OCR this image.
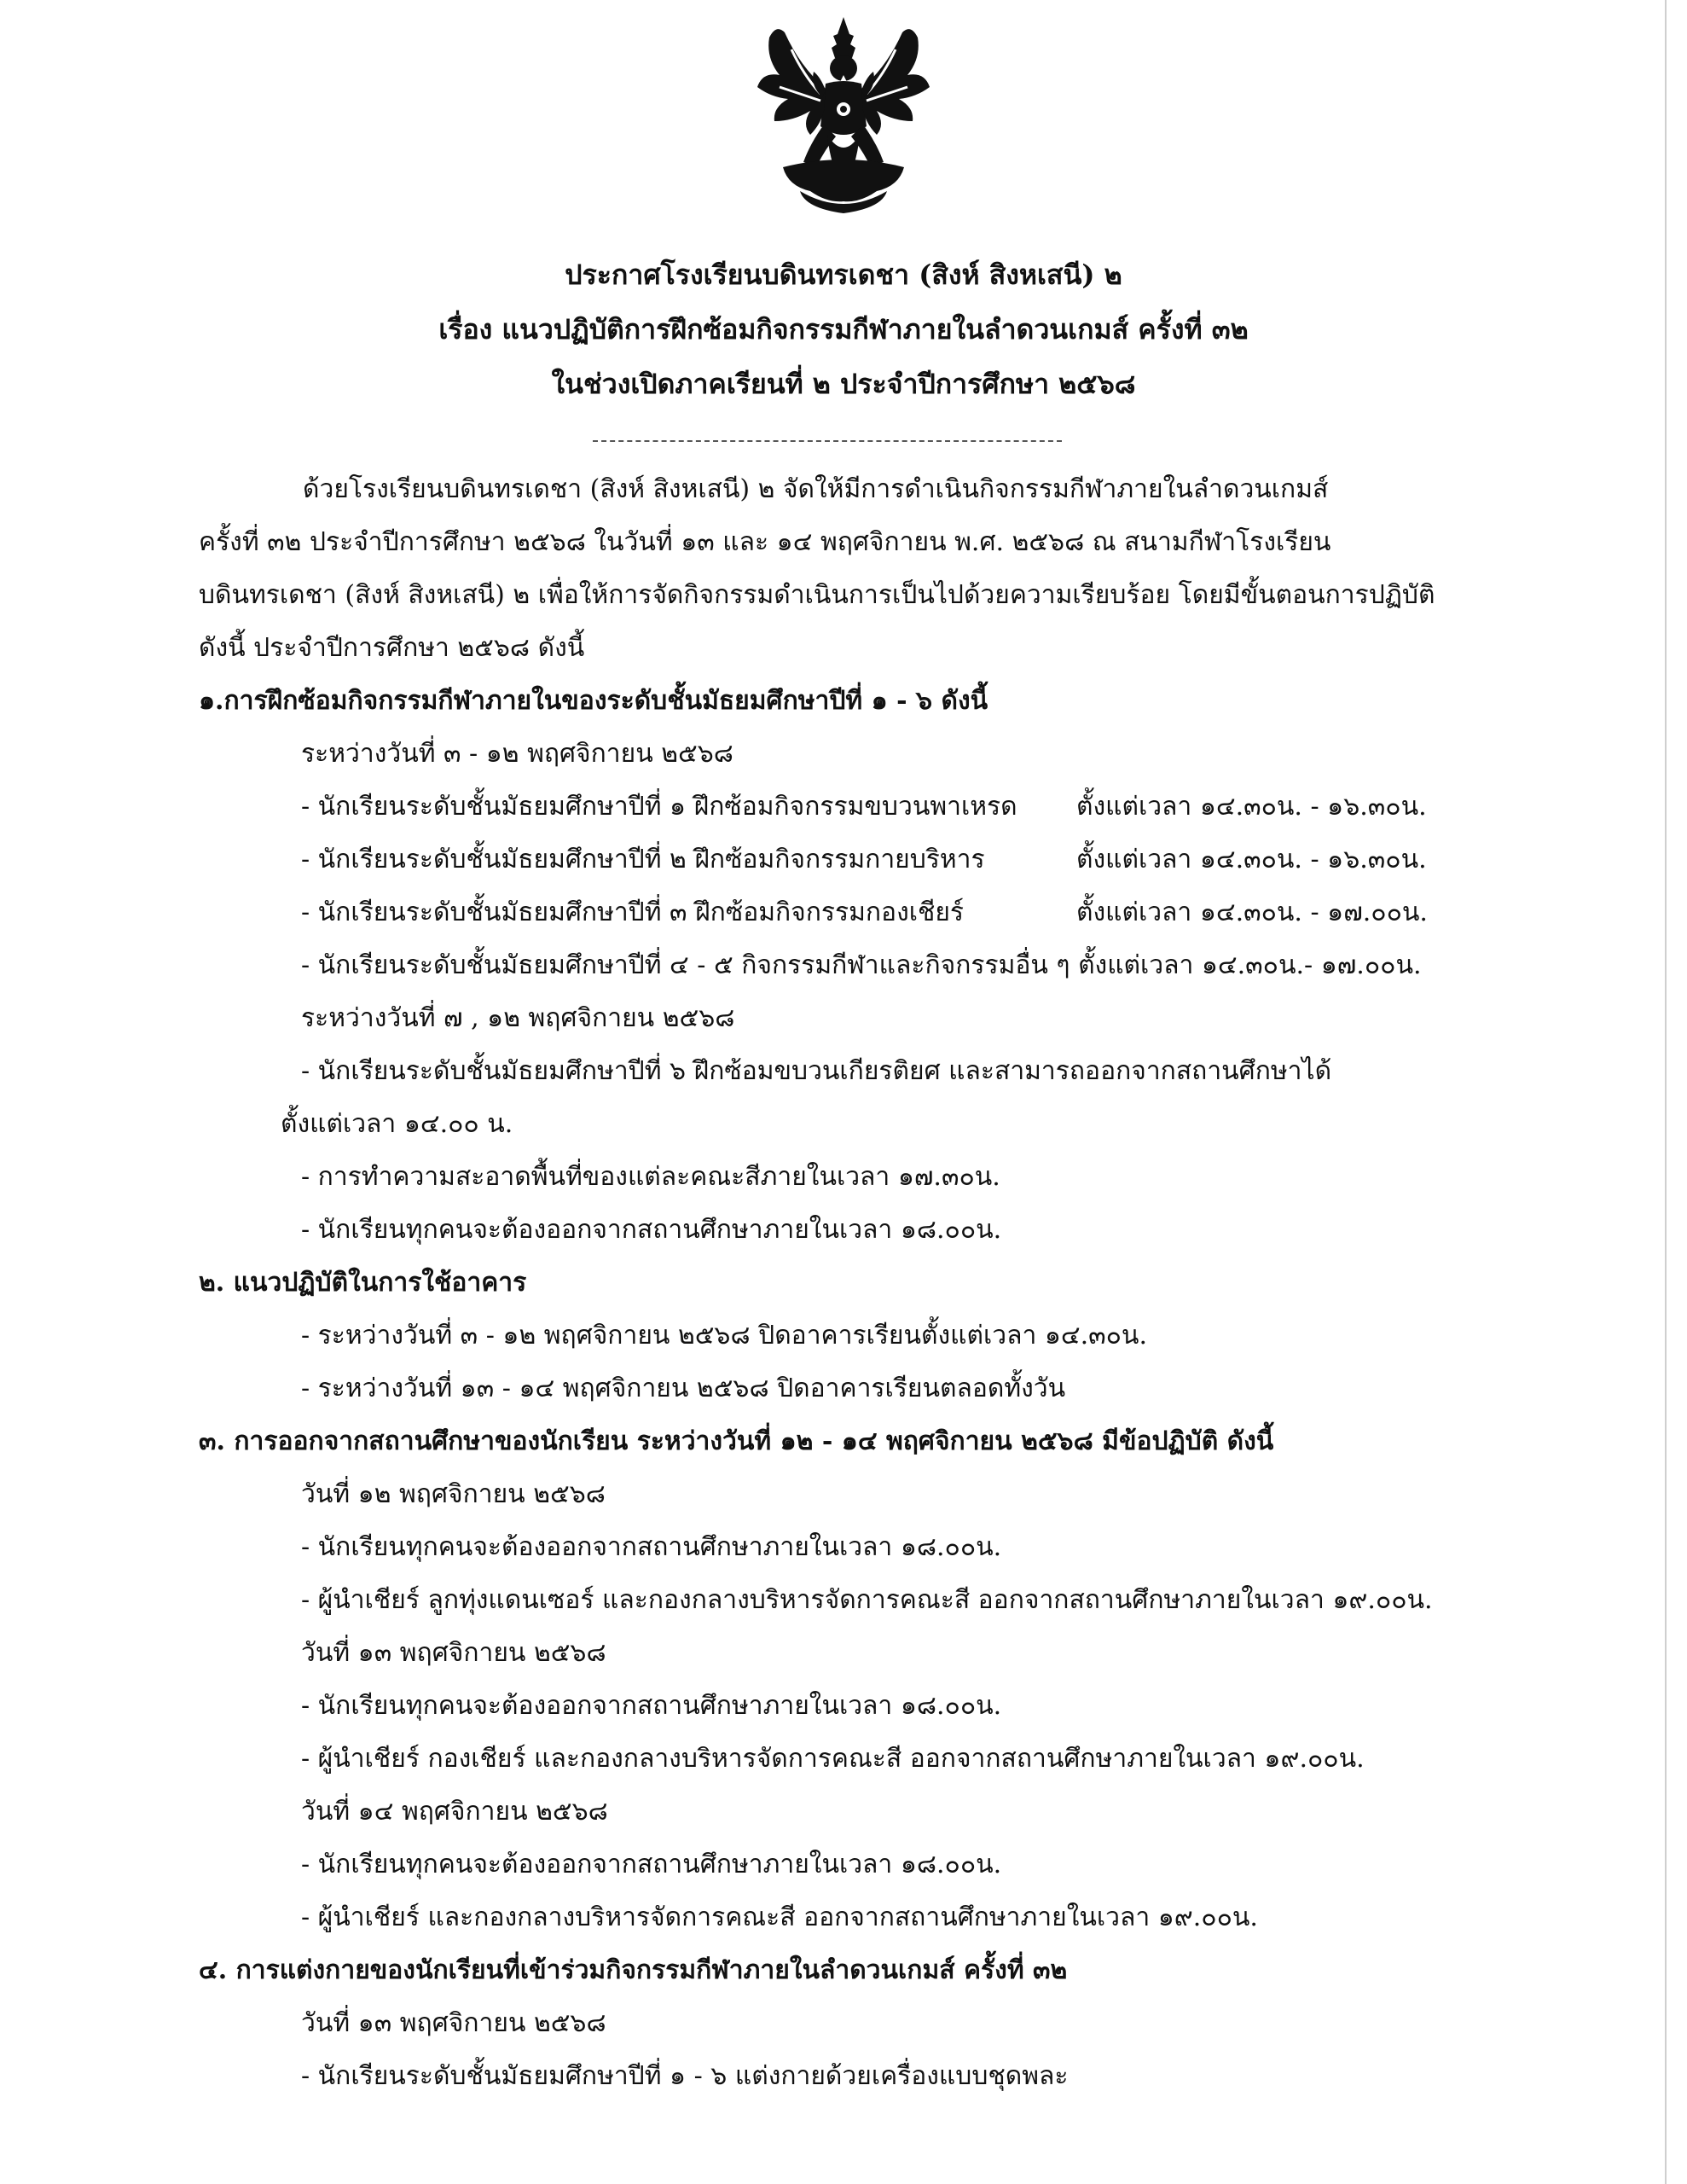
ประกาศโรงเรียนบดินทรเดชา (สิงห์ สิงหเสนี) ๒
เรื่อง แนวปฏิบัติการฝึกซ้อมกิจกรรมกีฬาภายในลำดวนเกมส์ ครั้งที่ ๓๒
ในช่วงเปิดภาคเรียนที่ ๒ ประจำปีการศึกษา ๒๕๖๘
ด้วยโรงเรียนบดินทรเดชา (สิงห์ สิงหเสนี) ๒ จัดให้มีการดำเนินกิจกรรมกีฬาภายในลำดวนเกมส์
ครั้งที่ ๓๒ ประจำปีการศึกษา ๒๕๖๘ ในวันที่ ๑๓ และ ๑๔ พฤศจิกายน พ.ศ. ๒๕๖๘ ณ สนามกีฬาโรงเรียน
บดินทรเดชา (สิงห์ สิงหเสนี) ๒ เพื่อให้การจัดกิจกรรมดำเนินการเป็นไปด้วยความเรียบร้อย โดยมีขั้นตอนการปฏิบัติ
ดังนี้ ประจำปีการศึกษา ๒๕๖๘ ดังนี้
๑.การฝึกซ้อมกิจกรรมกีฬาภายในของระดับชั้นมัธยมศึกษาปีที่ ๑ - ๖ ดังนี้
ระหว่างวันที่ ๓ - ๑๒ พฤศจิกายน ๒๕๖๘
- นักเรียนระดับชั้นมัธยมศึกษาปีที่ ๑ ฝึกซ้อมกิจกรรมขบวนพาเหรด ตั้งแต่เวลา ๑๔.๓๐น. - ๑๖.๓๐น.
- นักเรียนระดับชั้นมัธยมศึกษาปีที่ ๒ ฝึกซ้อมกิจกรรมกายบริหาร	ตั้งแต่เวลา ๑๔.๓๐น. - ๑๖.๓๐น.
- นักเรียนระดับชั้นมัธยมศึกษาปีที่ ๓ ฝึกซ้อมกิจกรรมกองเชียร์	ตั้งแต่เวลา ๑๔.๓๐น. - ๑๗.๐๐น.
- นักเรียนระดับชั้นมัธยมศึกษาปีที่ ๔ - ๕ กิจกรรมกีฬาและกิจกรรมอื่น ๆ ตั้งแต่เวลา ๑๔.๓๐น.- ๑๗.๐๐น.
ระหว่างวันที่ ๗ , ๑๒ พฤศจิกายน ๒๕๖๘
- นักเรียนระดับชั้นมัธยมศึกษาปีที่ ๖ ฝึกซ้อมขบวนเกียรติยศ และสามารถออกจากสถานศึกษาได้
ตั้งแต่เวลา ๑๔.๐๐ น.
- การทำความสะอาดพื้นที่ของแต่ละคณะสีภายในเวลา ๑๗.๓๐น.
- นักเรียนทุกคนจะต้องออกจากสถานศึกษาภายในเวลา ๑๘.๐๐น.
๒. แนวปฏิบัติในการใช้อาคาร
- ระหว่างวันที่ ๓ - ๑๒ พฤศจิกายน ๒๕๖๘ ปิดอาคารเรียนตั้งแต่เวลา ๑๔.๓๐น.
- ระหว่างวันที่ ๑๓ - ๑๔ พฤศจิกายน ๒๕๖๘ ปิดอาคารเรียนตลอดทั้งวัน
๓. การออกจากสถานศึกษาของนักเรียน ระหว่างวันที่ ๑๒ - ๑๔ พฤศจิกายน ๒๕๖๘ มีข้อปฏิบัติ ดังนี้
วันที่ ๑๒ พฤศจิกายน ๒๕๖๘
- นักเรียนทุกคนจะต้องออกจากสถานศึกษาภายในเวลา ๑๘.๐๐น.
- ผู้นำเชียร์ ลูกทุ่งแดนเซอร์ และกองกลางบริหารจัดการคณะสี ออกจากสถานศึกษาภายในเวลา ๑๙.๐๐น.
วันที่ ๑๓ พฤศจิกายน ๒๕๖๘
- นักเรียนทุกคนจะต้องออกจากสถานศึกษาภายในเวลา ๑๘.๐๐น.
- ผู้นำเชียร์ กองเชียร์ และกองกลางบริหารจัดการคณะสี ออกจากสถานศึกษาภายในเวลา ๑๙.๐๐น.
วันที่ ๑๔ พฤศจิกายน ๒๕๖๘
- นักเรียนทุกคนจะต้องออกจากสถานศึกษาภายในเวลา ๑๘.๐๐น.
- ผู้นำเชียร์ และกองกลางบริหารจัดการคณะสี ออกจากสถานศึกษาภายในเวลา ๑๙.๐๐น.
๔. การแต่งกายของนักเรียนที่เข้าร่วมกิจกรรมกีฬาภายในลำดวนเกมส์ ครั้งที่ ๓๒
วันที่ ๑๓ พฤศจิกายน ๒๕๖๘
- นักเรียนระดับชั้นมัธยมศึกษาปีที่ ๑ - ๖ แต่งกายด้วยเครื่องแบบชุดพละ
